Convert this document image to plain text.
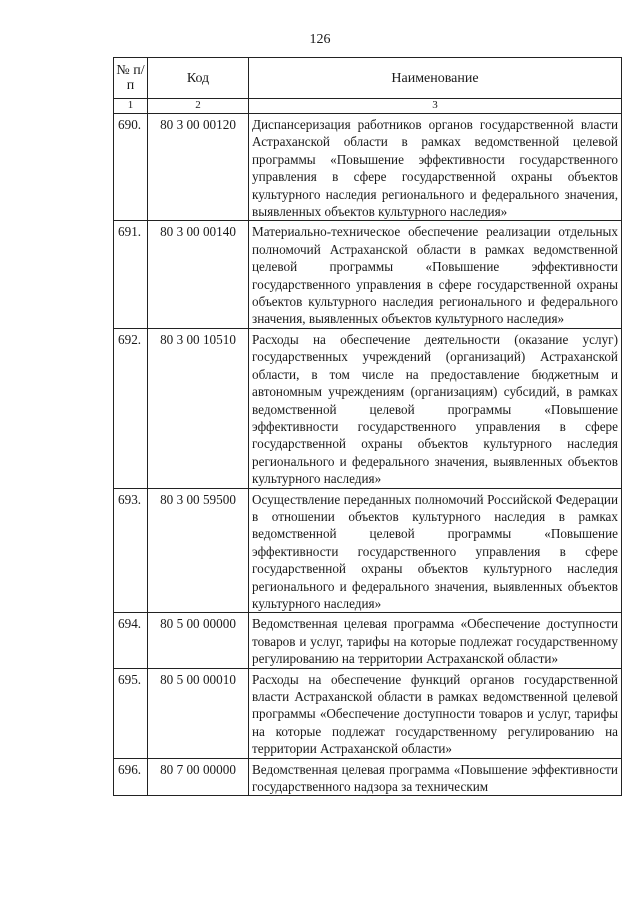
126
№ п/п	Код	Наименование
1	2	3
690.	80 3 00 00120	Диспансеризация работников органов государственной власти Астраханской области в рамках ведомственной целевой программы «Повышение эффективности государственного управления в сфере государственной охраны объектов культурного наследия регионального и федерального значения, выявленных объектов культурного наследия»
691.	80 3 00 00140	Материально-техническое обеспечение реализации отдельных полномочий Астраханской области в рамках ведомственной целевой программы «Повышение эффективности государственного управления в сфере государственной охраны объектов культурного наследия регионального и федерального значения, выявленных объектов культурного наследия»
692.	80 3 00 10510	Расходы на обеспечение деятельности (оказание услуг) государственных учреждений (организаций) Астраханской области, в том числе на предоставление бюджетным и автономным учреждениям (организациям) субсидий, в рамках ведомственной целевой программы «Повышение эффективности государственного управления в сфере государственной охраны объектов культурного наследия регионального и федерального значения, выявленных объектов культурного наследия»
693.	80 3 00 59500	Осуществление переданных полномочий Российской Федерации в отношении объектов культурного наследия в рамках ведомственной целевой программы «Повышение эффективности государственного управления в сфере государственной охраны объектов культурного наследия регионального и федерального значения, выявленных объектов культурного наследия»
694.	80 5 00 00000	Ведомственная целевая программа «Обеспечение доступности товаров и услуг, тарифы на которые подлежат государственному регулированию на территории Астраханской области»
695.	80 5 00 00010	Расходы на обеспечение функций органов государственной власти Астраханской области в рамках ведомственной целевой программы «Обеспечение доступности товаров и услуг, тарифы на которые подлежат государственному регулированию на территории Астраханской области»
696.	80 7 00 00000	Ведомственная целевая программа «Повышение эффективности государственного надзора за техническим
